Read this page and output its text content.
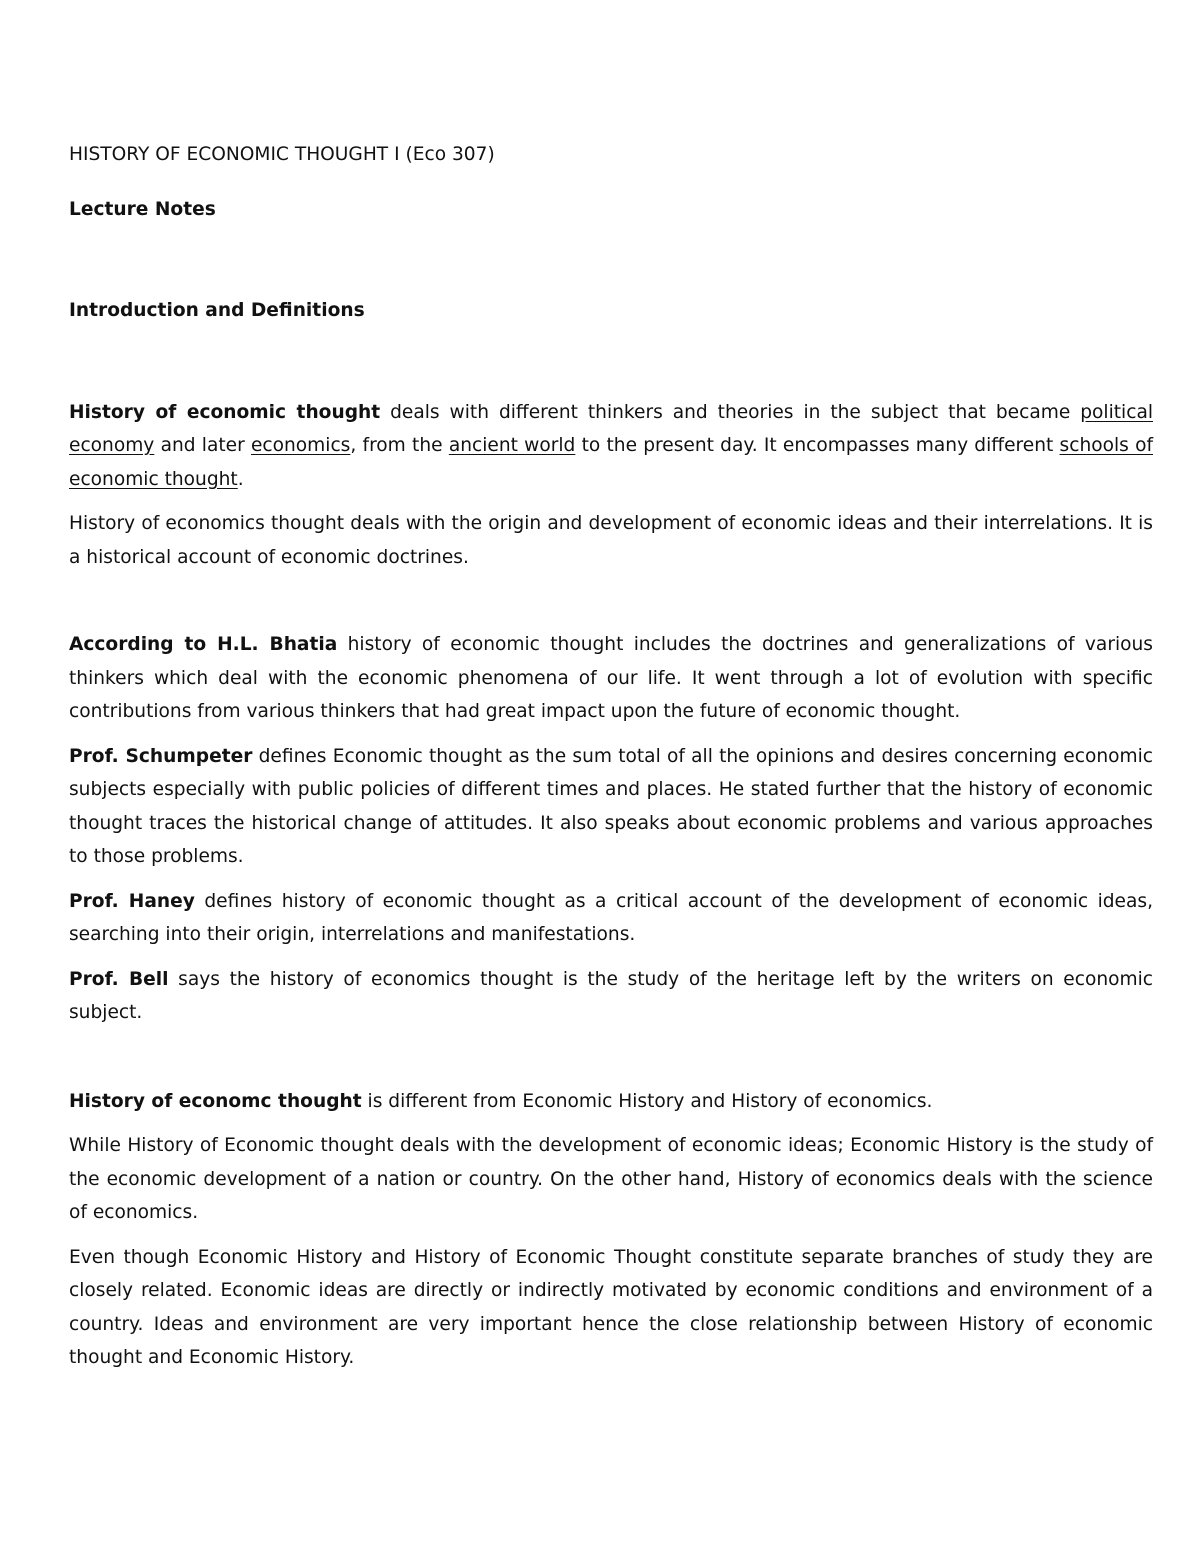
HISTORY OF ECONOMIC THOUGHT I (Eco 307)

Lecture Notes

Introduction and Definitions

History of economic thought deals with different thinkers and theories in the subject that became political economy and later economics, from the ancient world to the present day. It encompasses many different schools of economic thought.

History of economics thought deals with the origin and development of economic ideas and their interrelations. It is a historical account of economic doctrines.

According to H.L. Bhatia history of economic thought includes the doctrines and generalizations of various thinkers which deal with the economic phenomena of our life. It went through a lot of evolution with specific contributions from various thinkers that had great impact upon the future of economic thought.

Prof. Schumpeter defines Economic thought as the sum total of all the opinions and desires concerning economic subjects especially with public policies of different times and places. He stated further that the history of economic thought traces the historical change of attitudes. It also speaks about economic problems and various approaches to those problems.

Prof. Haney defines history of economic thought as a critical account of the development of economic ideas, searching into their origin, interrelations and manifestations.

Prof. Bell says the history of economics thought is the study of the heritage left by the writers on economic subject.

History of economc thought is different from Economic History and History of economics.

While History of Economic thought deals with the development of economic ideas; Economic History is the study of the economic development of a nation or country. On the other hand, History of economics deals with the science of economics.

Even though Economic History and History of Economic Thought constitute separate branches of study they are closely related. Economic ideas are directly or indirectly motivated by economic conditions and environment of a country. Ideas and environment are very important hence the close relationship between History of economic thought and Economic History.
